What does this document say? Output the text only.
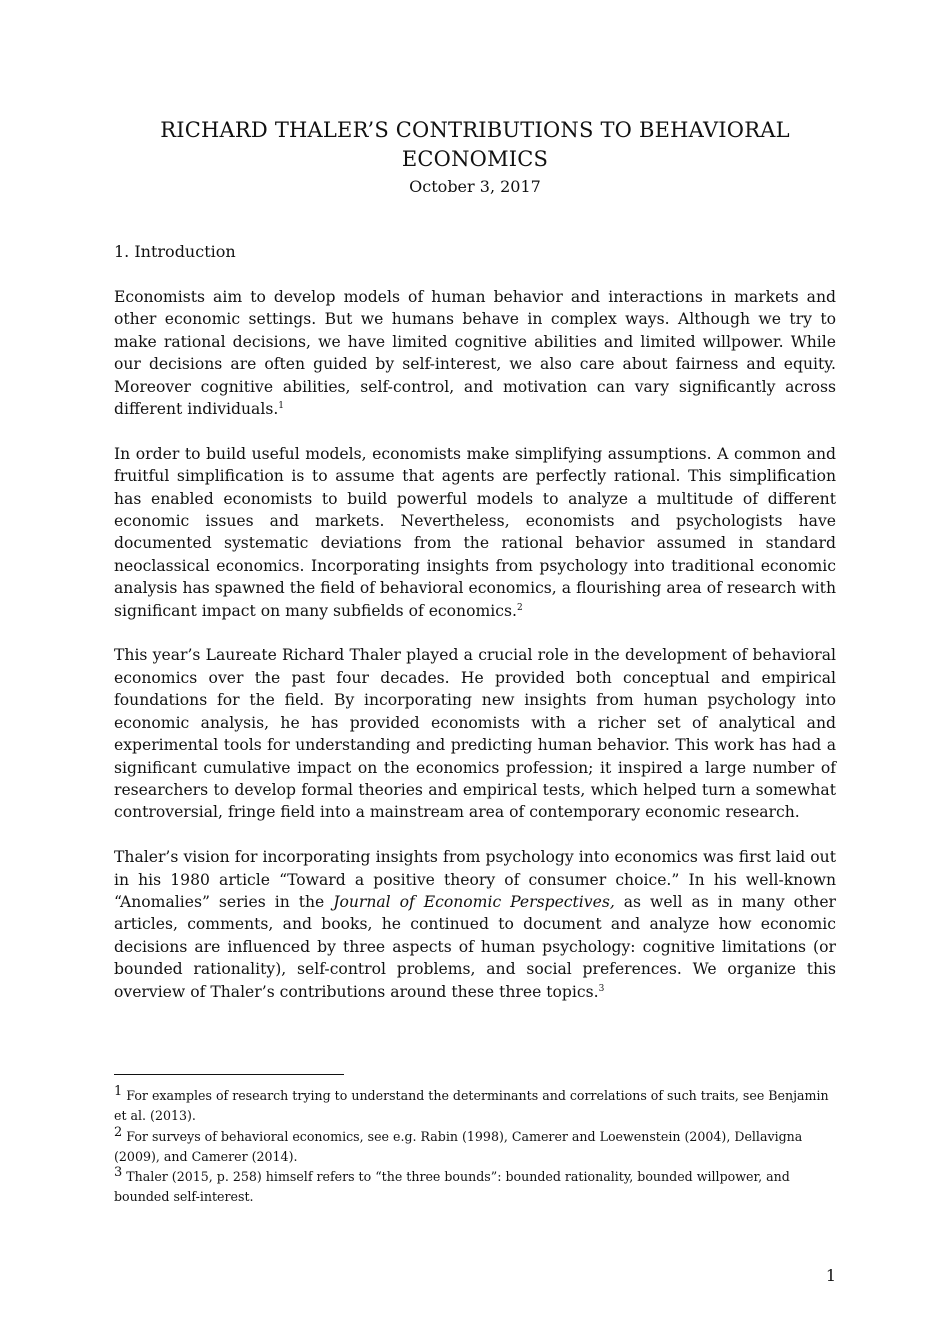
RICHARD THALER’S CONTRIBUTIONS TO BEHAVIORAL
ECONOMICS
October 3, 2017
1. Introduction

Economists aim to develop models of human behavior and interactions in markets and other economic settings. But we humans behave in complex ways. Although we try to make rational decisions, we have limited cognitive abilities and limited willpower. While our decisions are often guided by self-interest, we also care about fairness and equity. Moreover cognitive abilities, self-control, and motivation can vary significantly across different individuals.$^1$

In order to build useful models, economists make simplifying assumptions. A common and fruitful simplification is to assume that agents are perfectly rational. This simplification has enabled economists to build powerful models to analyze a multitude of different economic issues and markets. Nevertheless, economists and psychologists have documented systematic deviations from the rational behavior assumed in standard neoclassical economics. Incorporating insights from psychology into traditional economic analysis has spawned the field of behavioral economics, a flourishing area of research with significant impact on many subfields of economics.$^2$

This year’s Laureate Richard Thaler played a crucial role in the development of behavioral economics over the past four decades. He provided both conceptual and empirical foundations for the field. By incorporating new insights from human psychology into economic analysis, he has provided economists with a richer set of analytical and experimental tools for understanding and predicting human behavior. This work has had a significant cumulative impact on the economics profession; it inspired a large number of researchers to develop formal theories and empirical tests, which helped turn a somewhat controversial, fringe field into a mainstream area of contemporary economic research.

Thaler’s vision for incorporating insights from psychology into economics was first laid out in his 1980 article “Toward a positive theory of consumer choice.” In his well-known “Anomalies” series in the Journal of Economic Perspectives, as well as in many other articles, comments, and books, he continued to document and analyze how economic decisions are influenced by three aspects of human psychology: cognitive limitations (or bounded rationality), self-control problems, and social preferences. We organize this overview of Thaler’s contributions around these three topics.$^3$

$^1$ For examples of research trying to understand the determinants and correlations of such traits, see Benjamin et al. (2013).
$^2$ For surveys of behavioral economics, see e.g. Rabin (1998), Camerer and Loewenstein (2004), Dellavigna (2009), and Camerer (2014).
$^3$ Thaler (2015, p. 258) himself refers to “the three bounds”: bounded rationality, bounded willpower, and bounded self-interest.
1
